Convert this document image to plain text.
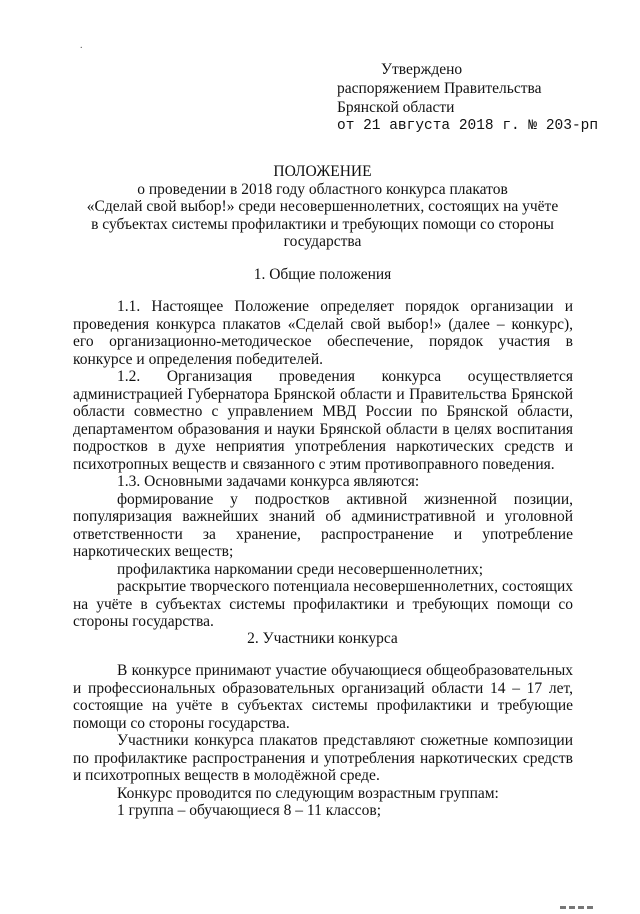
.
Утверждено
распоряжением Правительства
Брянской области
от 21 августа 2018 г. № 203-рп
ПОЛОЖЕНИЕ
о проведении в 2018 году областного конкурса плакатов
«Сделай свой выбор!» среди несовершеннолетних, состоящих на учёте
в субъектах системы профилактики и требующих помощи со стороны
государства
1. Общие положения

1.1. Настоящее Положение определяет порядок организации и проведения конкурса плакатов «Сделай свой выбор!» (далее – конкурс), его организационно-методическое обеспечение, порядок участия в конкурсе и определения победителей.

1.2. Организация проведения конкурса осуществляется администрацией Губернатора Брянской области и Правительства Брянской области совместно с управлением МВД России по Брянской области, департаментом образования и науки Брянской области в целях воспитания подростков в духе неприятия употребления наркотических средств и психотропных веществ и связанного с этим противоправного поведения.

1.3. Основными задачами конкурса являются:

формирование у подростков активной жизненной позиции, популяризация важнейших знаний об административной и уголовной ответственности за хранение, распространение и употребление наркотических веществ;

профилактика наркомании среди несовершеннолетних;

раскрытие творческого потенциала несовершеннолетних, состоящих на учёте в субъектах системы профилактики и требующих помощи со стороны государства.

2. Участники конкурса

В конкурсе принимают участие обучающиеся общеобразовательных и профессиональных образовательных организаций области 14 – 17 лет, состоящие на учёте в субъектах системы профилактики и требующие помощи со стороны государства.

Участники конкурса плакатов представляют сюжетные композиции по профилактике распространения и употребления наркотических средств и психотропных веществ в молодёжной среде.

Конкурс проводится по следующим возрастным группам:

1 группа – обучающиеся 8 – 11 классов;
